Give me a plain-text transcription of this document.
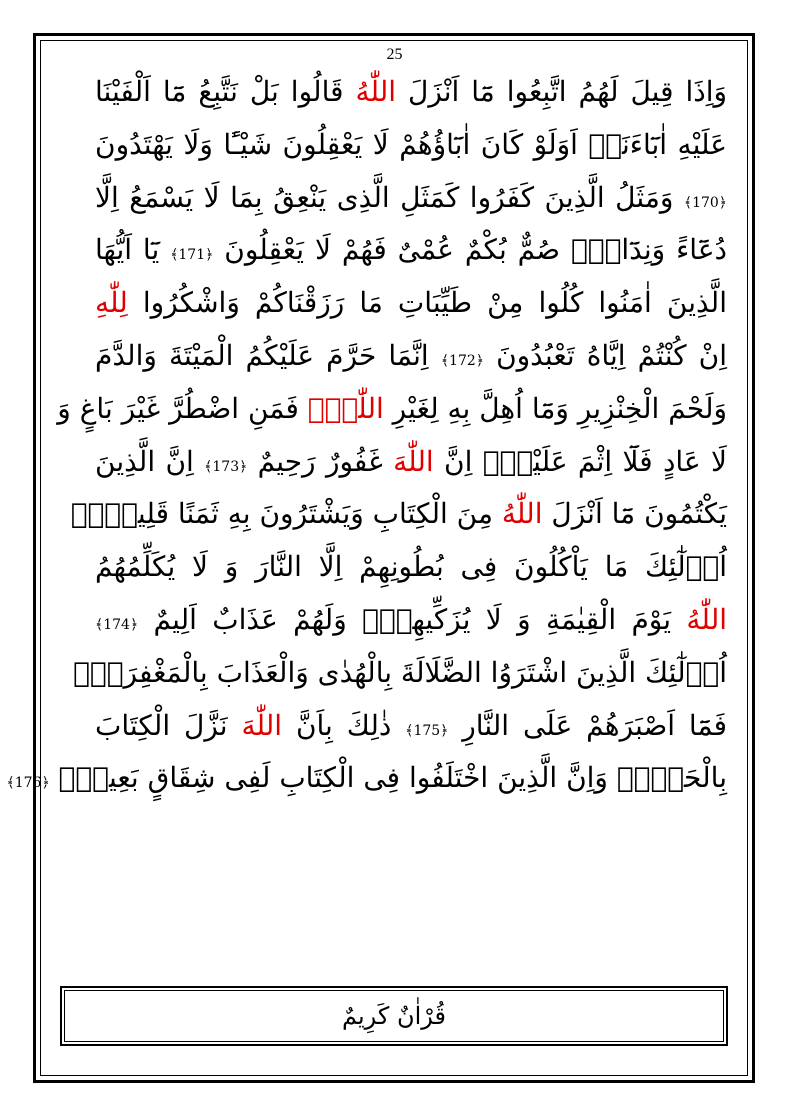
25
وَاِذَا قِيلَ لَهُمُ اتَّبِعُوا مَٓا اَنْزَلَ اللّٰهُ قَالُوا بَلْ نَتَّبِعُ مَٓا اَلْفَيْنَا
عَلَيْهِ اٰبَٓاءَنَاۜ اَوَلَوْ كَانَ اٰبَٓاؤُهُمْ لَا يَعْقِلُونَ شَيْـًٔا وَلَا يَهْتَدُونَ
﴿170﴾ وَمَثَلُ الَّذِينَ كَفَرُوا كَمَثَلِ الَّذِى يَنْعِقُ بِمَا لَا يَسْمَعُ اِلَّا
دُعَٓاءً وَنِدَٓاءًۜ صُمٌّ بُكْمٌ عُمْىٌ فَهُمْ لَا يَعْقِلُونَ ﴿171﴾ يَٓا اَيُّهَا
الَّذِينَ اٰمَنُوا كُلُوا مِنْ طَيِّبَاتِ مَا رَزَقْنَاكُمْ وَاشْكُرُوا لِلّٰهِ
اِنْ كُنْتُمْ اِيَّاهُ تَعْبُدُونَ ﴿172﴾ اِنَّمَا حَرَّمَ عَلَيْكُمُ الْمَيْتَةَ وَالدَّمَ
وَلَحْمَ الْخِنْزِيرِ وَمَٓا اُهِلَّ بِهِ لِغَيْرِ اللّٰهِۚ فَمَنِ اضْطُرَّ غَيْرَ بَاغٍ وَ
لَا عَادٍ فَلَٓا اِثْمَ عَلَيْهِۜ اِنَّ اللّٰهَ غَفُورٌ رَحِيمٌ ﴿173﴾ اِنَّ الَّذِينَ
يَكْتُمُونَ مَٓا اَنْزَلَ اللّٰهُ مِنَ الْكِتَابِ وَيَشْتَرُونَ بِهِ ثَمَنًا قَلِيلًاۙ
اُو۬لٰٓئِكَ مَا يَاْكُلُونَ فِى بُطُونِهِمْ اِلَّا النَّارَ وَ لَا يُكَلِّمُهُمُ
اللّٰهُ يَوْمَ الْقِيٰمَةِ وَ لَا يُزَكِّيهِمْۚ وَلَهُمْ عَذَابٌ اَلِيمٌ ﴿174﴾
اُو۬لٰٓئِكَ الَّذِينَ اشْتَرَوُا الضَّلَالَةَ بِالْهُدٰى وَالْعَذَابَ بِالْمَغْفِرَةِۚ
فَمَٓا اَصْبَرَهُمْ عَلَى النَّارِ ﴿175﴾ ذٰلِكَ بِاَنَّ اللّٰهَ نَزَّلَ الْكِتَابَ
بِالْحَقِّۜ وَاِنَّ الَّذِينَ اخْتَلَفُوا فِى الْكِتَابِ لَفِى شِقَاقٍ بَعِيدٍۜ ﴿176﴾
قُرْاٰنٌ كَرِيمٌ
